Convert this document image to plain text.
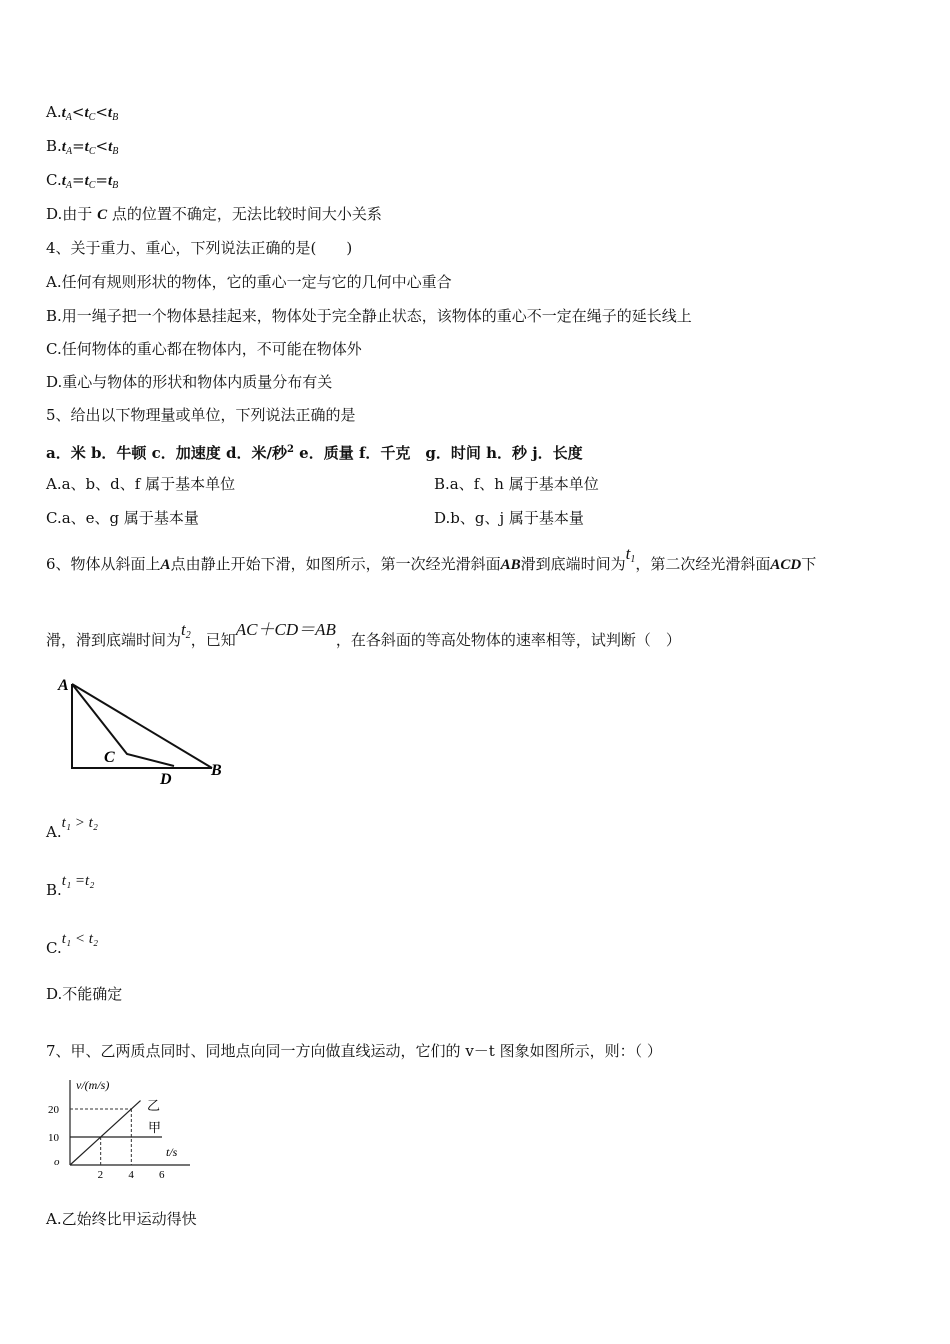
$A.t_A<t_C<t_B$
$B.t_A=t_C<t_B$
$C.t_A=t_C=t_B$
D.由于 C 点的位置不确定，无法比较时间大小关系
4、关于重力、重心，下列说法正确的是(　　)
A.任何有规则形状的物体，它的重心一定与它的几何中心重合
B.用一绳子把一个物体悬挂起来，物体处于完全静止状态，该物体的重心不一定在绳子的延长线上
C.任何物体的重心都在物体内，不可能在物体外
D.重心与物体的形状和物体内质量分布有关
5、给出以下物理量或单位，下列说法正确的是
a．米 b．牛顿 c．加速度 d．米/秒$^2$ e．质量 f．千克　g．时间 h．秒 j．长度
A.a、b、d、f 属于基本单位	B.a、f、h 属于基本单位
C.a、e、g 属于基本量	D.b、g、j 属于基本量
6、物体从斜面上A点由静止开始下滑，如图所示，第一次经光滑斜面AB滑到底端时间为$t_1$，第二次经光滑斜面ACD下
滑，滑到底端时间为$t_2$，已知AC＋CD＝AB，在各斜面的等高处物体的速率相等，试判断（　）
A
C
D
B
A.t₁ > t₂
B.t₁ =t₂
C.t₁ < t₂
D.不能确定
7、甲、乙两质点同时、同地点向同一方向做直线运动，它们的 v－t 图象如图所示，则：（ ）
v/(m/s)
t/s
o
2 4 6
10
20
甲
乙
A.乙始终比甲运动得快
